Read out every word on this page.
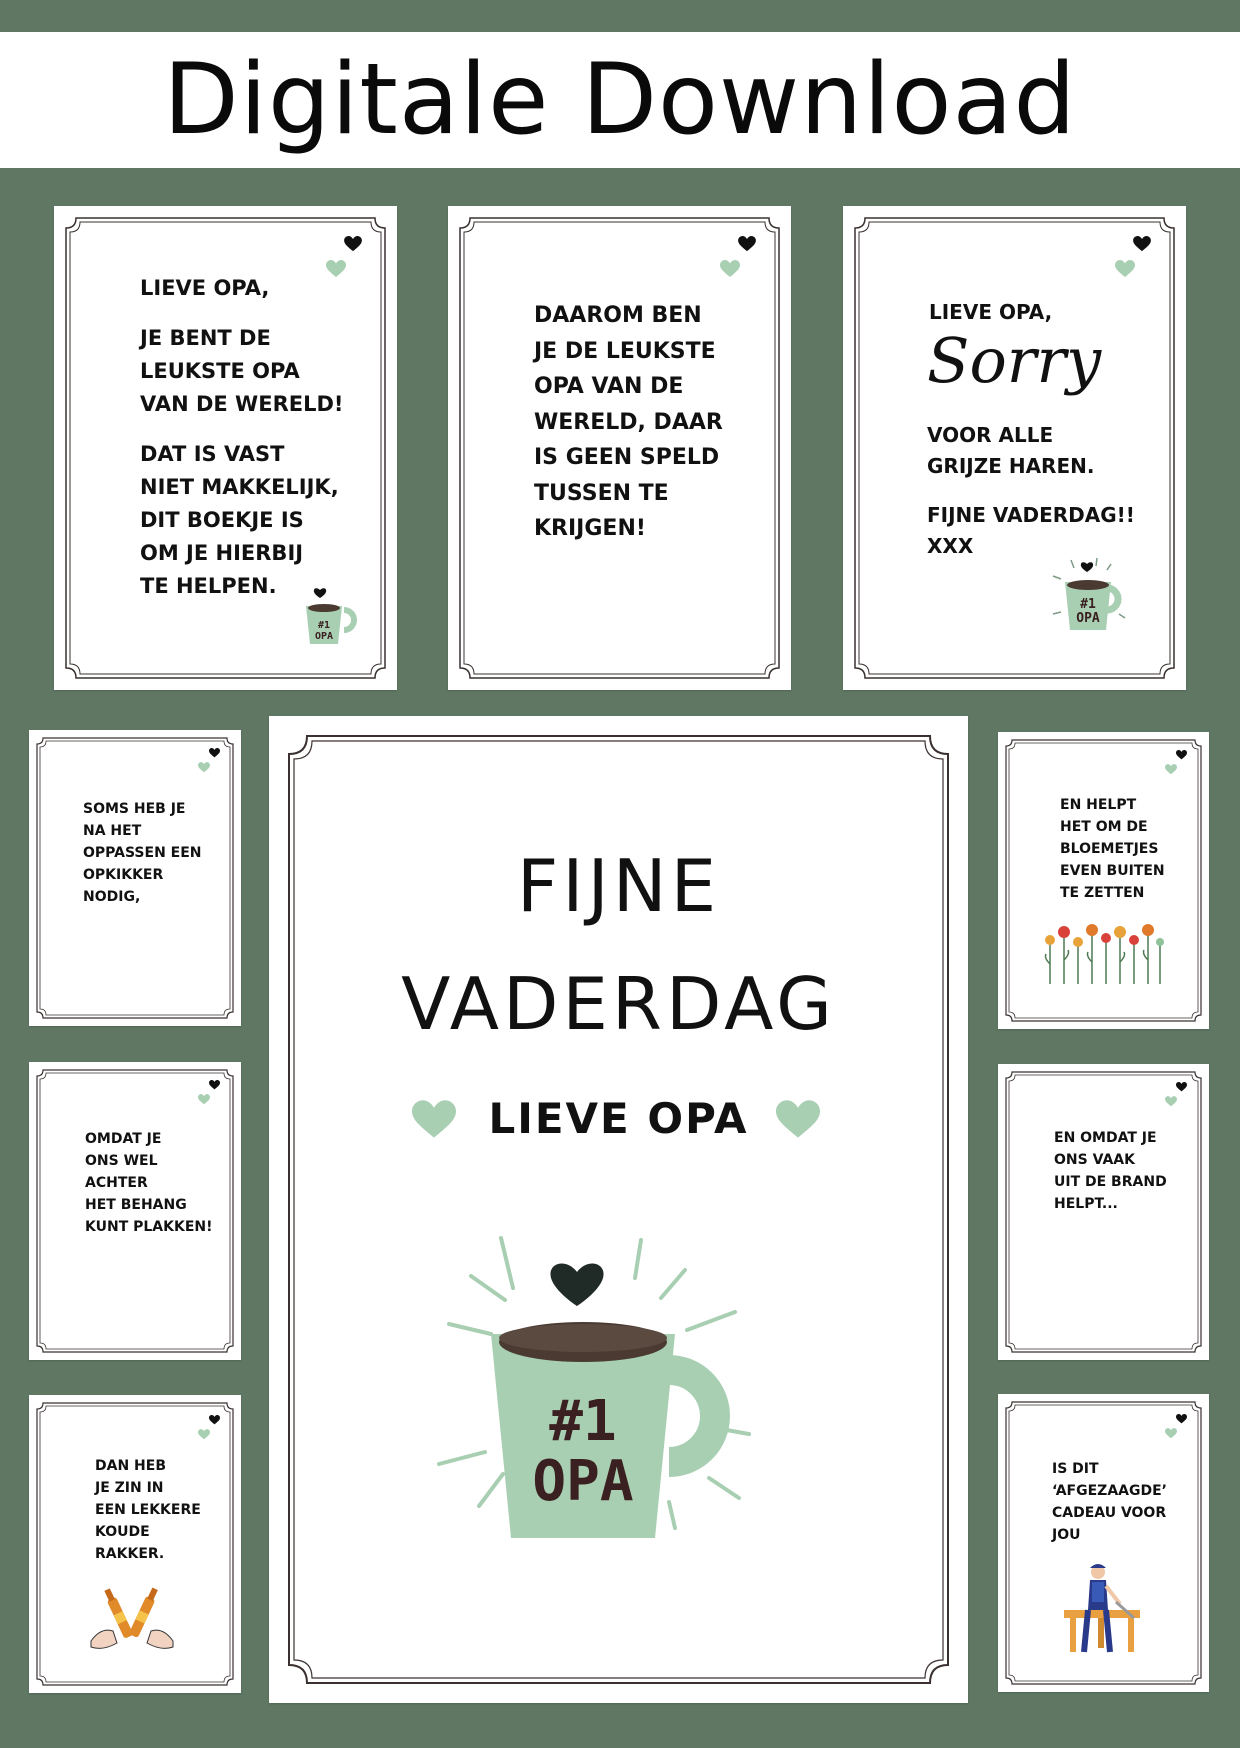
Digitale Download

LIEVE OPA,

JE BENT DE
LEUKSTE OPA
VAN DE WERELD!

DAT IS VAST
NIET MAKKELIJK,
DIT BOEKJE IS
OM JE HIERBIJ
TE HELPEN.

#1
OPA
DAAROM BEN
JE DE LEUKSTE
OPA VAN DE
WERELD, DAAR
IS GEEN SPELD
TUSSEN TE
KRIJGEN!
LIEVE OPA,
Sorry

VOOR ALLE
GRIJZE HAREN.

FIJNE VADERDAG!!
XXX

#1
OPA
SOMS HEB JE
NA HET
OPPASSEN EEN
OPKIKKER
NODIG,
OMDAT JE
ONS WEL
ACHTER
HET BEHANG
KUNT PLAKKEN!
DAN HEB
JE ZIN IN
EEN LEKKERE
KOUDE
RAKKER.
EN HELPT
HET OM DE
BLOEMETJES
EVEN BUITEN
TE ZETTEN
EN OMDAT JE
ONS VAAK
UIT DE BRAND
HELPT...
IS DIT
‘AFGEZAAGDE’
CADEAU VOOR
JOU
FIJNE
VADERDAG
LIEVE OPA
#1
OPA
